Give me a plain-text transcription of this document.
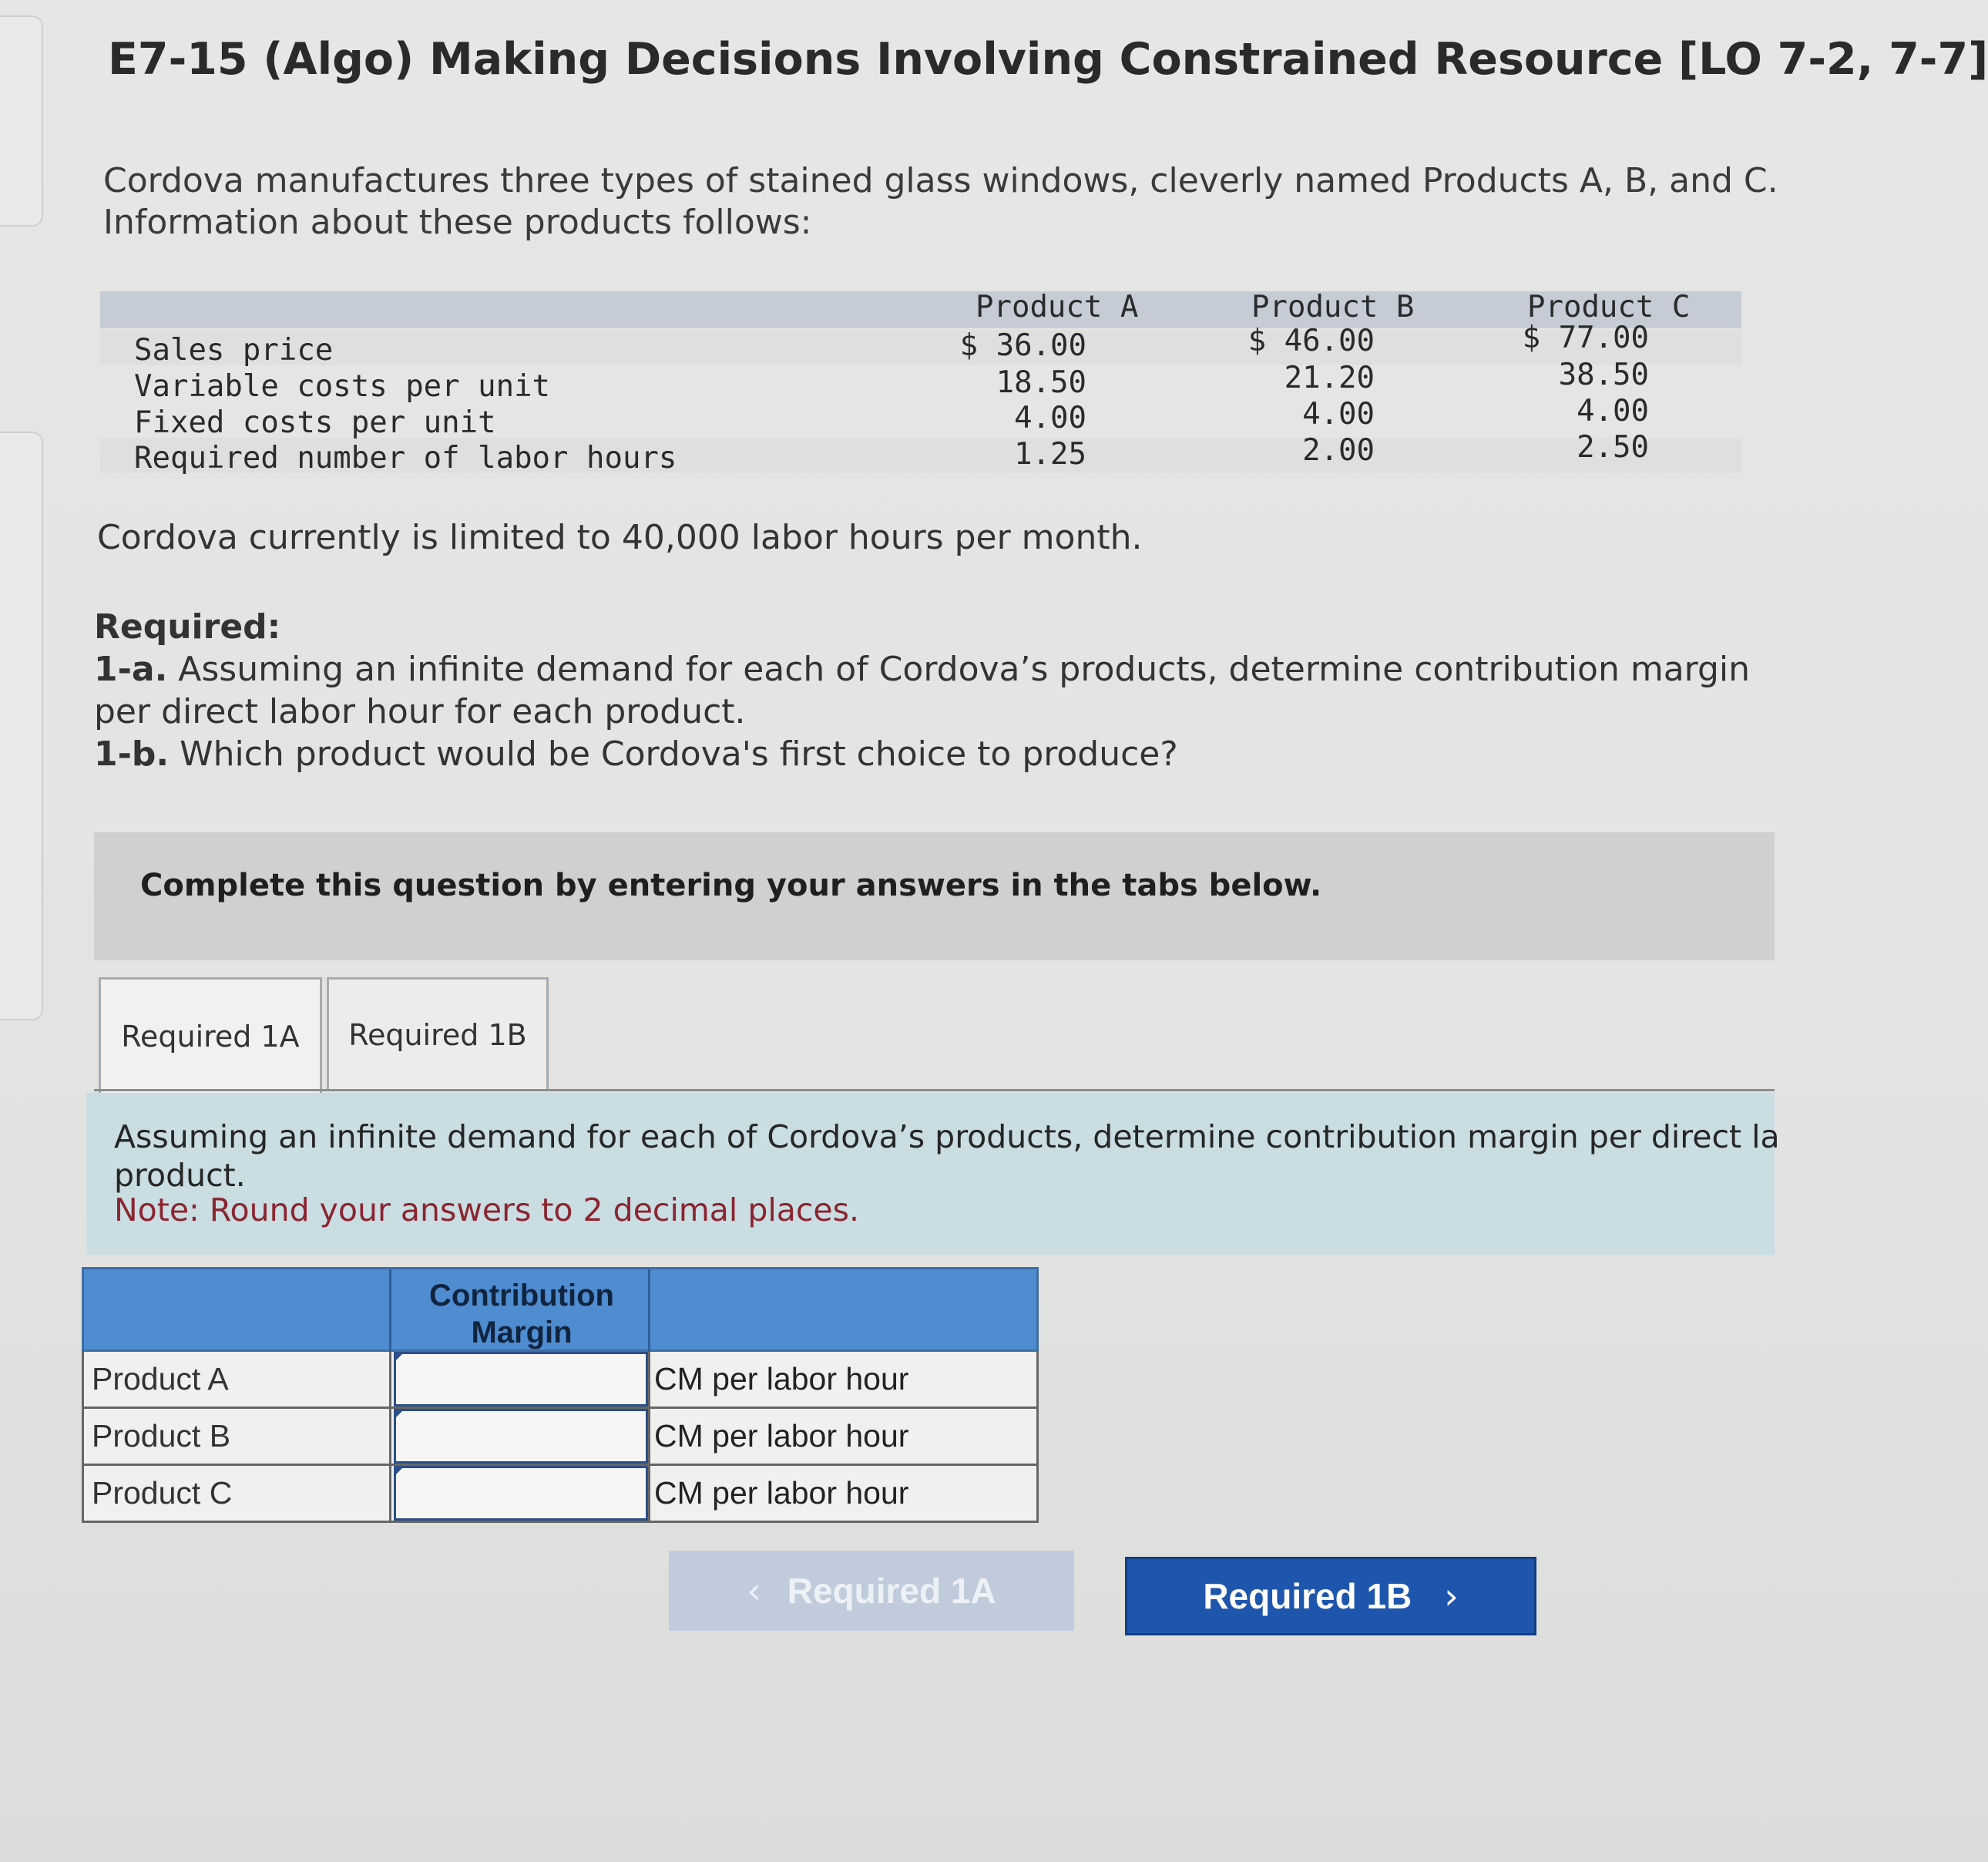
E7-15 (Algo) Making Decisions Involving Constrained Resource [LO 7-2, 7-7]
Cordova manufactures three types of stained glass windows, cleverly named Products A, B, and C.
Information about these products follows:
Product A	Product B	Product C
Sales price	$ 36.00	$ 46.00	$ 77.00
Variable costs per unit	18.50	21.20	38.50
Fixed costs per unit	4.00	4.00	4.00
Required number of labor hours	1.25	2.00	2.50
Cordova currently is limited to 40,000 labor hours per month.
Required:
1-a. Assuming an infinite demand for each of Cordova’s products, determine contribution margin
per direct labor hour for each product.
1-b. Which product would be Cordova's first choice to produce?
Complete this question by entering your answers in the tabs below.
Required 1A	Required 1B
Assuming an infinite demand for each of Cordova’s products, determine contribution margin per direct la
product.
Note: Round your answers to 2 decimal places.
Contribution Margin
Product A	CM per labor hour
Product B	CM per labor hour
Product C	CM per labor hour
‹ Required 1A	Required 1B ›
